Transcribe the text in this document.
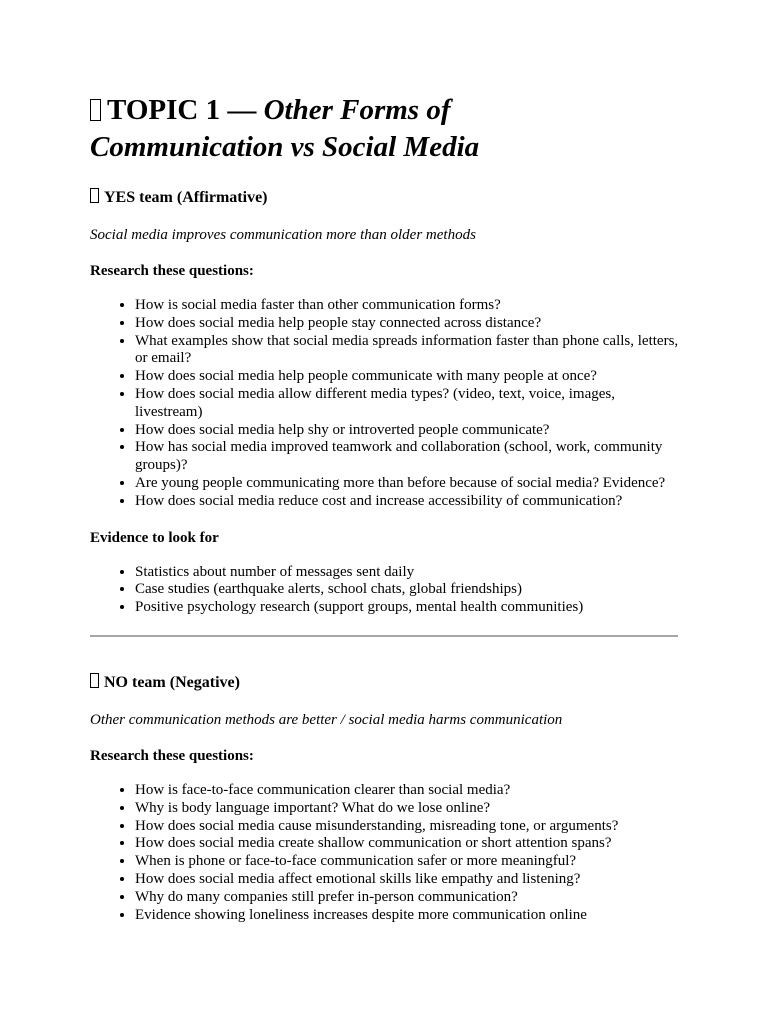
TOPIC 1 — Other Forms of Communication vs Social Media
YES team (Affirmative)

Social media improves communication more than older methods

Research these questions:

• How is social media faster than other communication forms?
• How does social media help people stay connected across distance?
• What examples show that social media spreads information faster than phone calls, letters, or email?
• How does social media help people communicate with many people at once?
• How does social media allow different media types? (video, text, voice, images, livestream)
• How does social media help shy or introverted people communicate?
• How has social media improved teamwork and collaboration (school, work, community groups)?
• Are young people communicating more than before because of social media? Evidence?
• How does social media reduce cost and increase accessibility of communication?

Evidence to look for

• Statistics about number of messages sent daily
• Case studies (earthquake alerts, school chats, global friendships)
• Positive psychology research (support groups, mental health communities)
NO team (Negative)

Other communication methods are better / social media harms communication

Research these questions:

• How is face-to-face communication clearer than social media?
• Why is body language important? What do we lose online?
• How does social media cause misunderstanding, misreading tone, or arguments?
• How does social media create shallow communication or short attention spans?
• When is phone or face-to-face communication safer or more meaningful?
• How does social media affect emotional skills like empathy and listening?
• Why do many companies still prefer in-person communication?
• Evidence showing loneliness increases despite more communication online
